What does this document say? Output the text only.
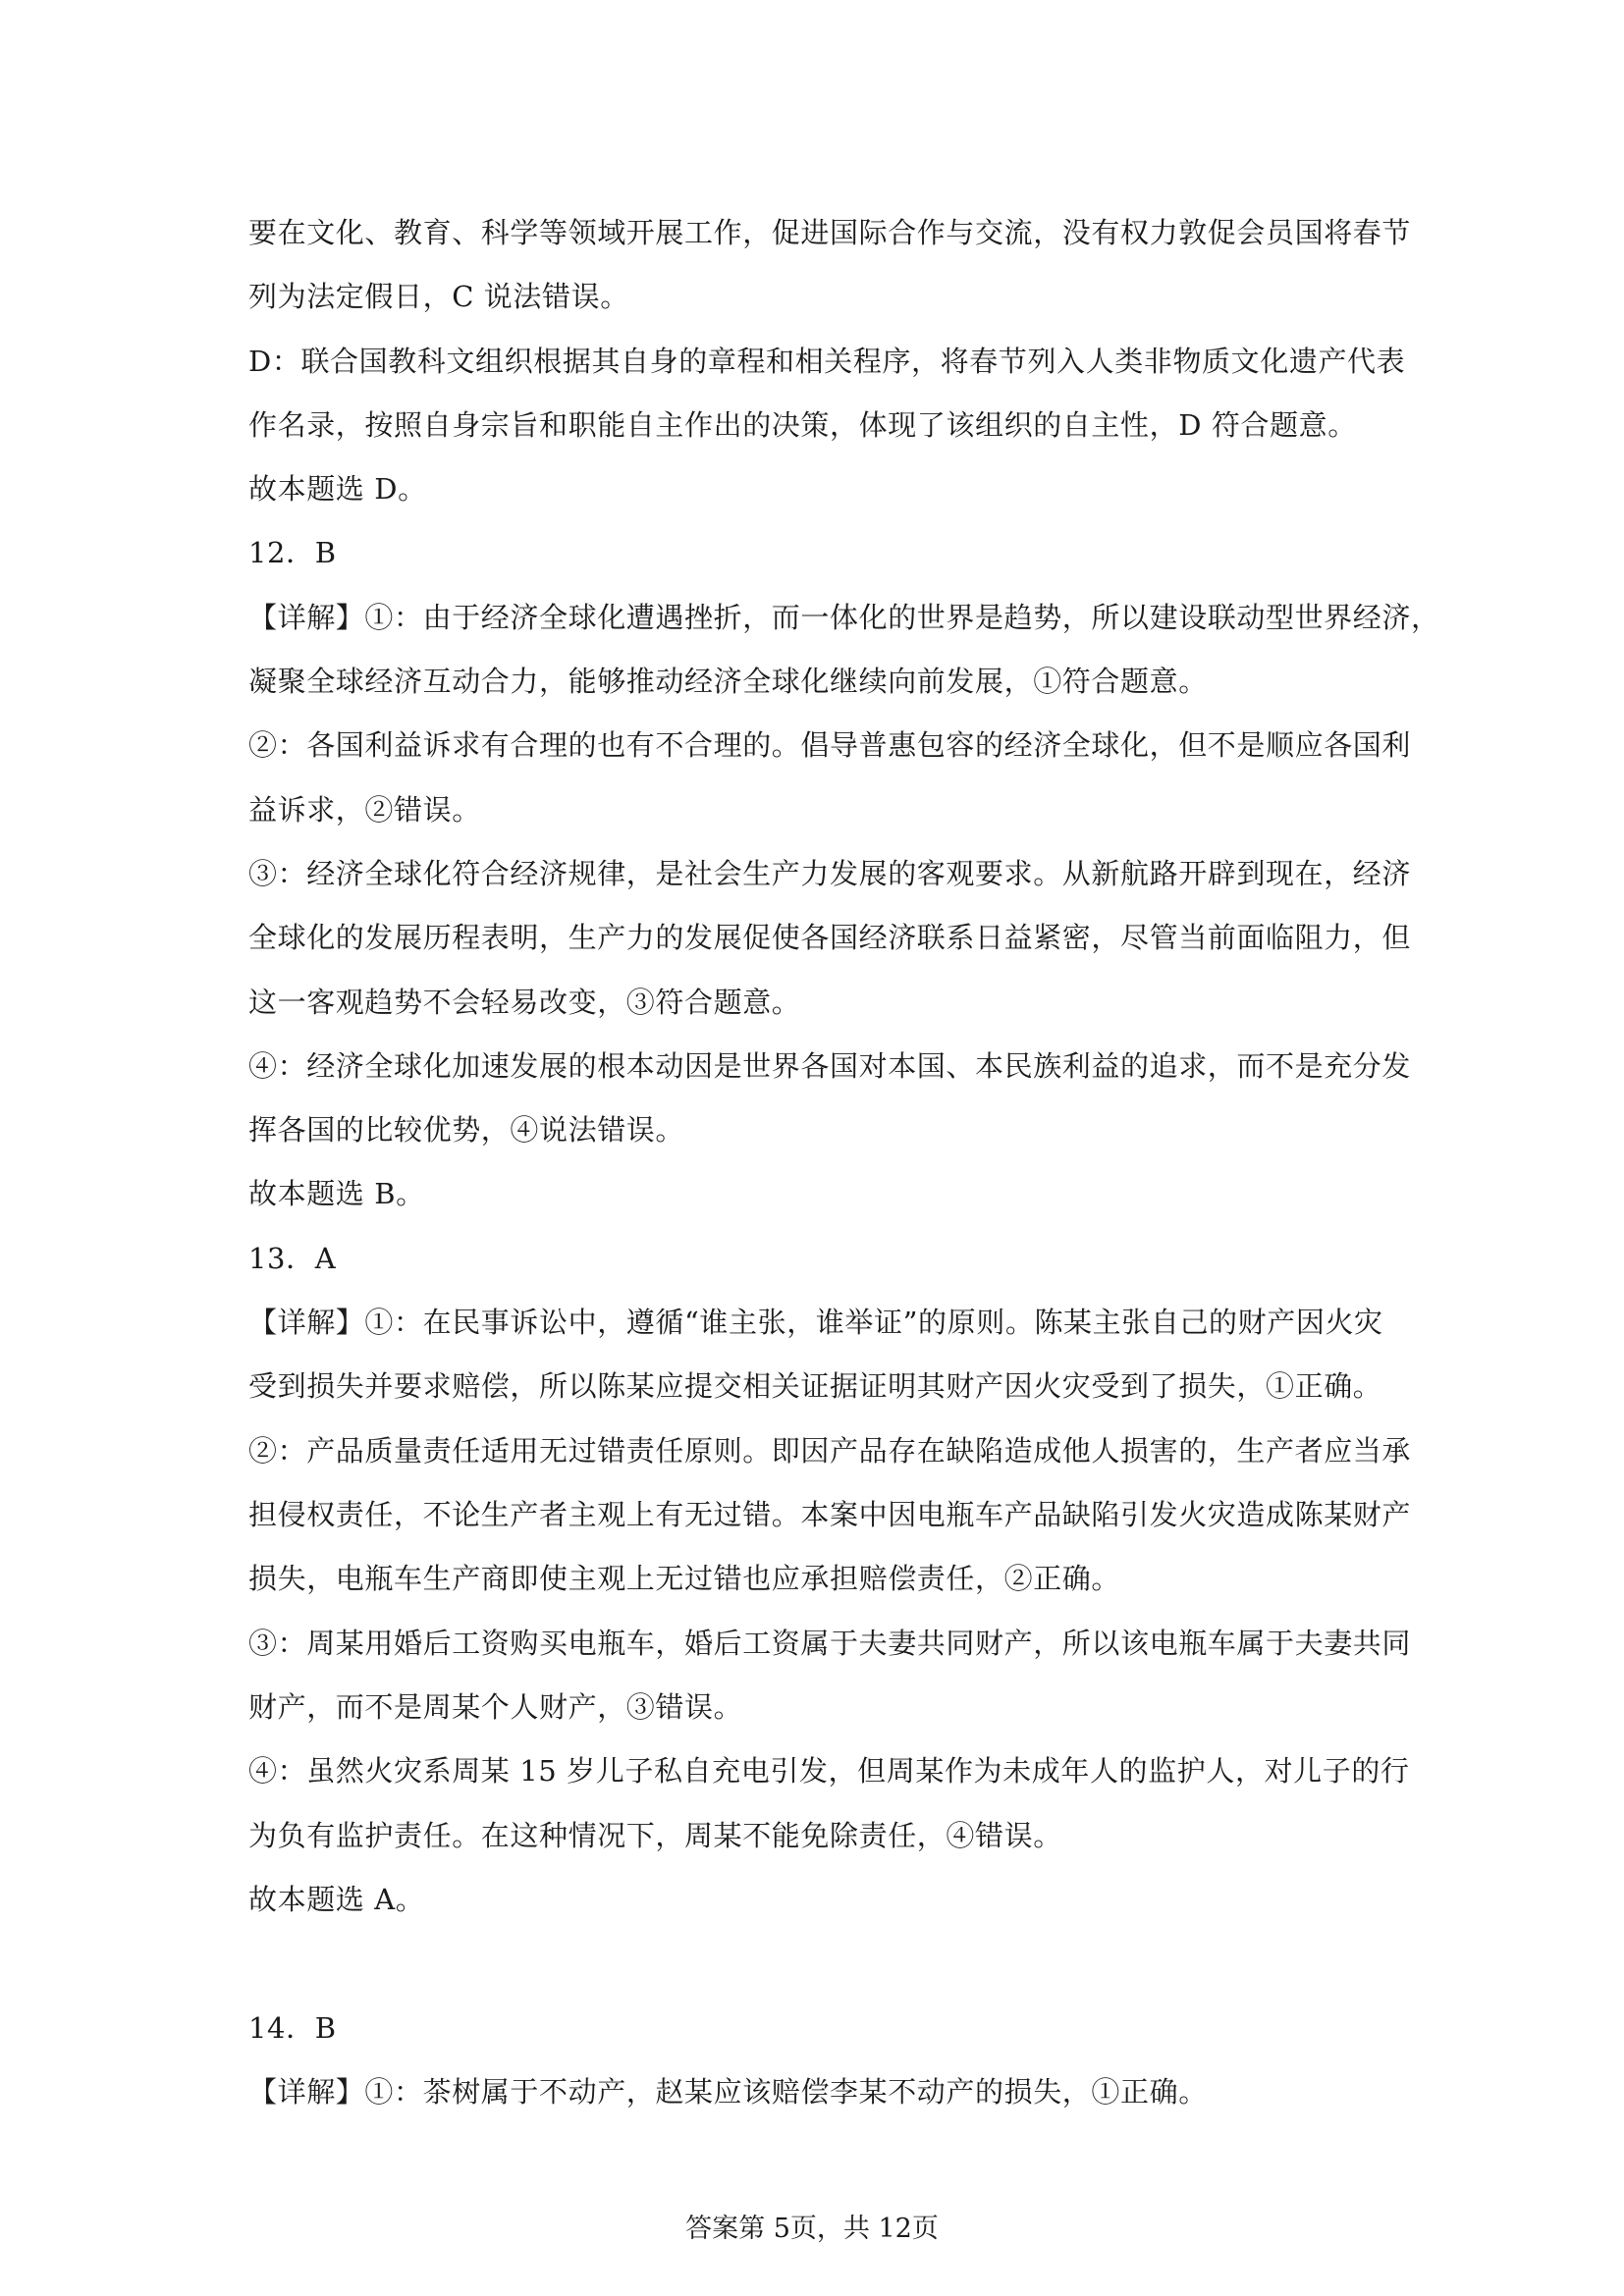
要在文化、教育、科学等领域开展工作，促进国际合作与交流，没有权力敦促会员国将春节

列为法定假日，C 说法错误。

D：联合国教科文组织根据其自身的章程和相关程序，将春节列入人类非物质文化遗产代表

作名录，按照自身宗旨和职能自主作出的决策，体现了该组织的自主性，D 符合题意。

故本题选 D。

12．B

【详解】①：由于经济全球化遭遇挫折，而一体化的世界是趋势，所以建设联动型世界经济，

凝聚全球经济互动合力，能够推动经济全球化继续向前发展，①符合题意。

②：各国利益诉求有合理的也有不合理的。倡导普惠包容的经济全球化，但不是顺应各国利

益诉求，②错误。

③：经济全球化符合经济规律，是社会生产力发展的客观要求。从新航路开辟到现在，经济

全球化的发展历程表明，生产力的发展促使各国经济联系日益紧密，尽管当前面临阻力，但

这一客观趋势不会轻易改变，③符合题意。

④：经济全球化加速发展的根本动因是世界各国对本国、本民族利益的追求，而不是充分发

挥各国的比较优势，④说法错误。

故本题选 B。

13．A

【详解】①：在民事诉讼中，遵循“谁主张，谁举证”的原则。陈某主张自己的财产因火灾

受到损失并要求赔偿，所以陈某应提交相关证据证明其财产因火灾受到了损失，①正确。

②：产品质量责任适用无过错责任原则。即因产品存在缺陷造成他人损害的，生产者应当承

担侵权责任，不论生产者主观上有无过错。本案中因电瓶车产品缺陷引发火灾造成陈某财产

损失，电瓶车生产商即使主观上无过错也应承担赔偿责任，②正确。

③：周某用婚后工资购买电瓶车，婚后工资属于夫妻共同财产，所以该电瓶车属于夫妻共同

财产，而不是周某个人财产，③错误。

④：虽然火灾系周某 15 岁儿子私自充电引发，但周某作为未成年人的监护人，对儿子的行

为负有监护责任。在这种情况下，周某不能免除责任，④错误。

故本题选 A。

14．B

【详解】①：茶树属于不动产，赵某应该赔偿李某不动产的损失，①正确。

答案第 5页，共 12页
